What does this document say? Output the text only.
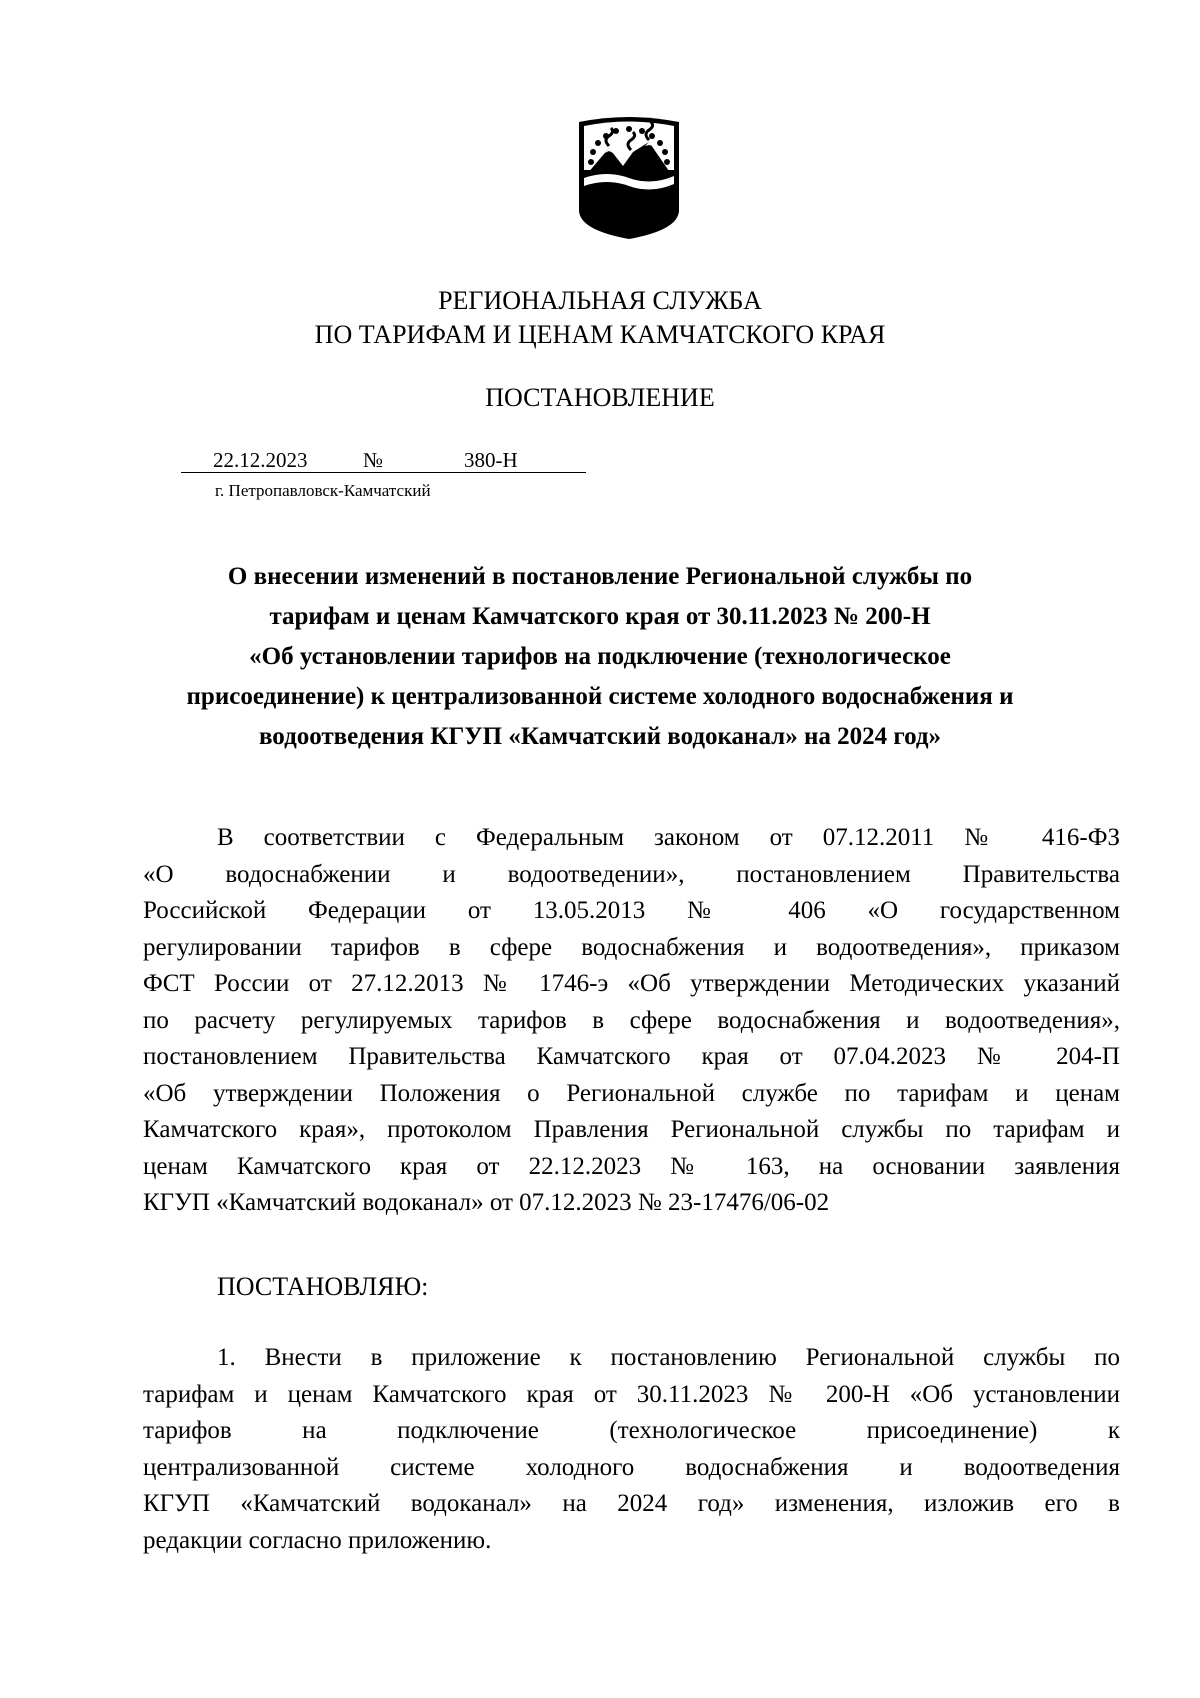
РЕГИОНАЛЬНАЯ СЛУЖБА
ПО ТАРИФАМ И ЦЕНАМ КАМЧАТСКОГО КРАЯ
ПОСТАНОВЛЕНИЕ
22.12.2023	№	380-Н
г. Петропавловск-Камчатский
О внесении изменений в постановление Региональной службы по
тарифам и ценам Камчатского края от 30.11.2023 № 200-Н
«Об установлении тарифов на подключение (технологическое
присоединение) к централизованной системе холодного водоснабжения и
водоотведения КГУП «Камчатский водоканал» на 2024 год»
В соответствии с Федеральным законом от 07.12.2011 № 416-ФЗ
«О водоснабжении и водоотведении», постановлением Правительства
Российской Федерации от 13.05.2013 № 406 «О государственном
регулировании тарифов в сфере водоснабжения и водоотведения», приказом
ФСТ России от 27.12.2013 № 1746-э «Об утверждении Методических указаний
по расчету регулируемых тарифов в сфере водоснабжения и водоотведения»,
постановлением Правительства Камчатского края от 07.04.2023 № 204-П
«Об утверждении Положения о Региональной службе по тарифам и ценам
Камчатского края», протоколом Правления Региональной службы по тарифам и
ценам Камчатского края от 22.12.2023 № 163, на основании заявления
КГУП «Камчатский водоканал» от 07.12.2023 № 23-17476/06-02
ПОСТАНОВЛЯЮ:
1. Внести в приложение к постановлению Региональной службы по
тарифам и ценам Камчатского края от 30.11.2023 № 200-Н «Об установлении
тарифов на подключение (технологическое присоединение) к
централизованной системе холодного водоснабжения и водоотведения
КГУП «Камчатский водоканал» на 2024 год» изменения, изложив его в
редакции согласно приложению.
